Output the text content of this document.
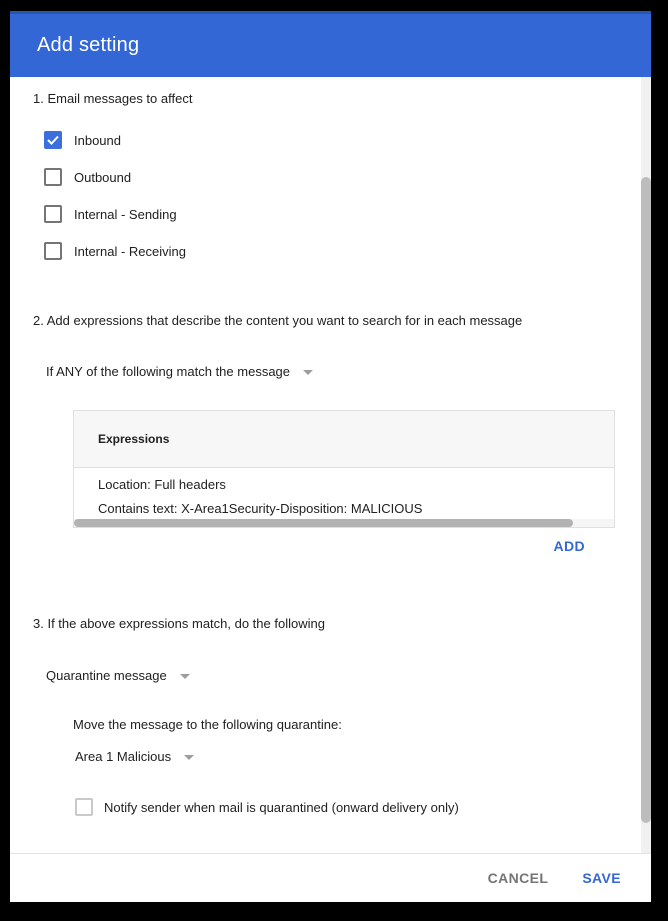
Add setting
1. Email messages to affect
Inbound
Outbound
Internal - Sending
Internal - Receiving
2. Add expressions that describe the content you want to search for in each message
If ANY of the following match the message
Expressions
Location: Full headers
Contains text: X-Area1Security-Disposition: MALICIOUS
ADD
3. If the above expressions match, do the following
Quarantine message
Move the message to the following quarantine:
Area 1 Malicious
Notify sender when mail is quarantined (onward delivery only)
CANCEL SAVE
